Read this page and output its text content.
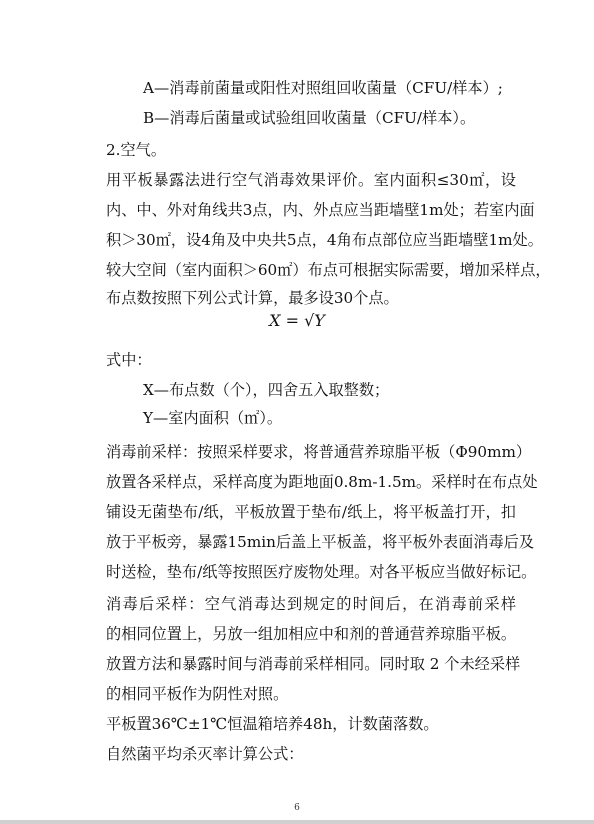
A—消毒前菌量或阳性对照组回收菌量（CFU/样本）;
B—消毒后菌量或试验组回收菌量（CFU/样本）。
2.空气。
用平板暴露法进行空气消毒效果评价。室内面积≤30㎡，设
内、中、外对角线共3点，内、外点应当距墙壁1m处；若室内面
积＞30㎡，设4角及中央共5点，4角布点部位应当距墙壁1m处。
较大空间（室内面积＞60㎡）布点可根据实际需要，增加采样点，
布点数按照下列公式计算，最多设30个点。
X = √Y
式中：
X—布点数（个），四舍五入取整数；
Y—室内面积（㎡）。
消毒前采样：按照采样要求，将普通营养琼脂平板（Φ90mm）
放置各采样点，采样高度为距地面0.8m-1.5m。采样时在布点处
铺设无菌垫布/纸，平板放置于垫布/纸上，将平板盖打开，扣
放于平板旁，暴露15min后盖上平板盖，将平板外表面消毒后及
时送检，垫布/纸等按照医疗废物处理。对各平板应当做好标记。
消毒后采样：空气消毒达到规定的时间后，在消毒前采样
的相同位置上，另放一组加相应中和剂的普通营养琼脂平板。
放置方法和暴露时间与消毒前采样相同。同时取 2 个未经采样
的相同平板作为阴性对照。
平板置36℃±1℃恒温箱培养48h，计数菌落数。
自然菌平均杀灭率计算公式：
6
